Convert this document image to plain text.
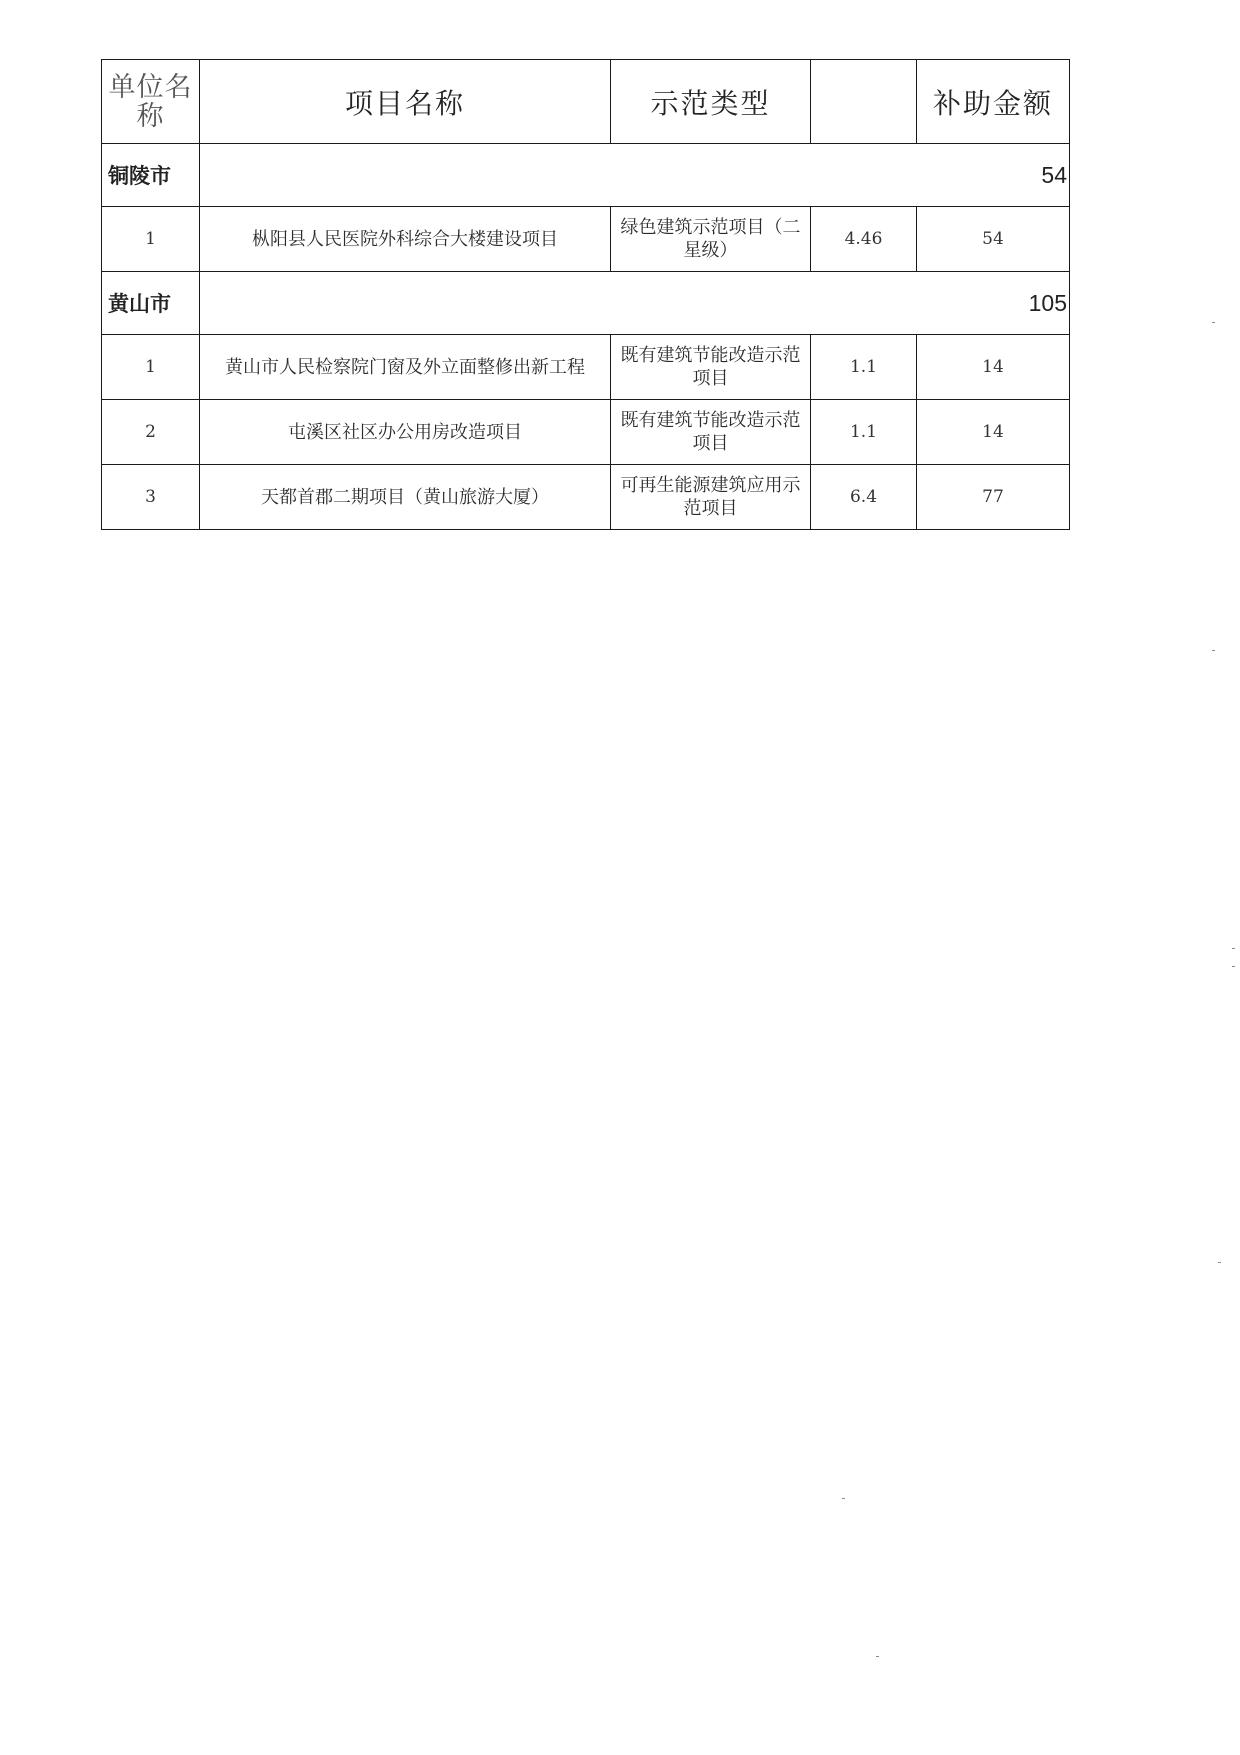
单位名称	项目名称	示范类型		补助金额
铜陵市	54			
1	枞阳县人民医院外科综合大楼建设项目	绿色建筑示范项目（二星级）	4.46	54
黄山市	105			
1	黄山市人民检察院门窗及外立面整修出新工程	既有建筑节能改造示范项目	1.1	14
2	屯溪区社区办公用房改造项目	既有建筑节能改造示范项目	1.1	14
3	天都首郡二期项目（黄山旅游大厦）	可再生能源建筑应用示范项目	6.4	77
